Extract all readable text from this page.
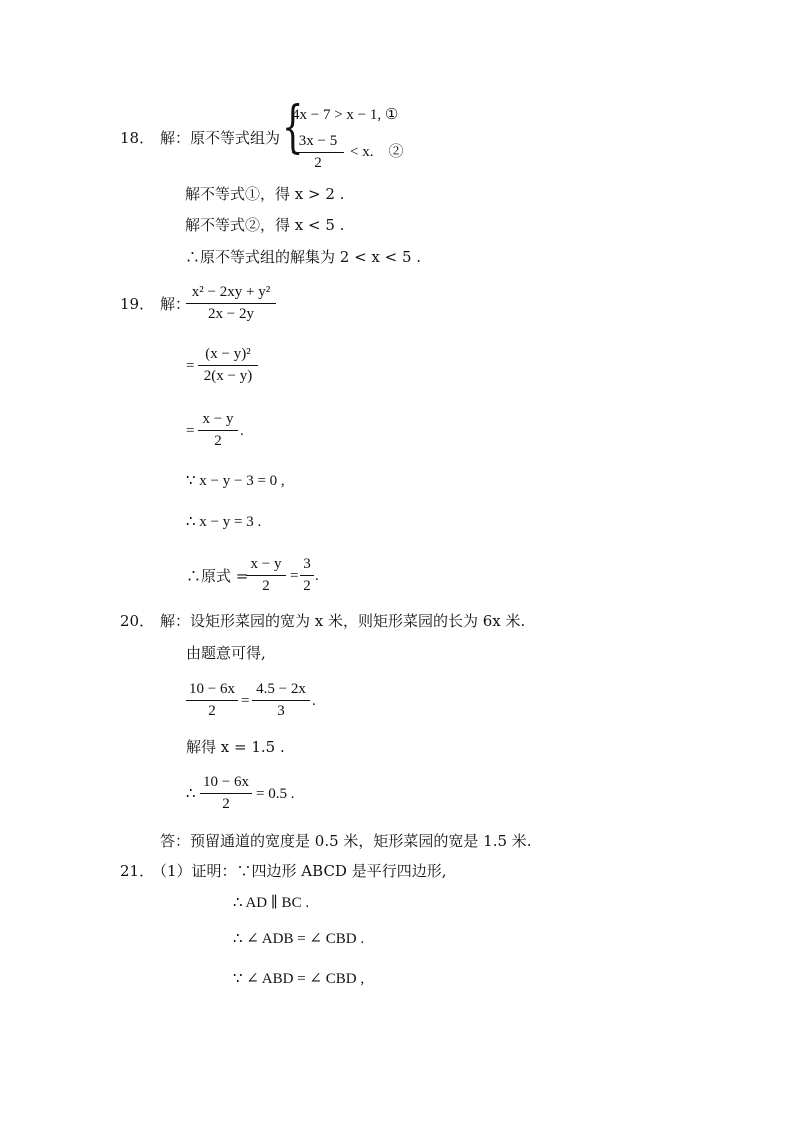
18． 解：原不等式组为 {
4x − 7 > x − 1, ①
3x − 5
2
< x.　②
解不等式①，得 x > 2 .
解不等式②，得 x < 5 .
∴原不等式组的解集为 2 < x < 5 .
19． 解：
x² − 2xy + y²
2x − 2y
=
(x − y)²
2(x − y)
=
x − y
2
.
∵ x − y − 3 = 0 ,
∴ x − y = 3 .
∴原式 =
x − y
2
=
3
2
.
20． 解：设矩形菜园的宽为 x 米，则矩形菜园的长为 6x 米.
由题意可得,
10 − 6x
2
=
4.5 − 2x
3
.
解得 x = 1.5 .
∴
10 − 6x
2
= 0.5 .
答：预留通道的宽度是 0.5 米，矩形菜园的宽是 1.5 米.
21．
（1）证明：∵四边形 ABCD 是平行四边形,
∴ AD ∥ BC .
∴ ∠ ADB = ∠ CBD .
∵ ∠ ABD = ∠ CBD ,
